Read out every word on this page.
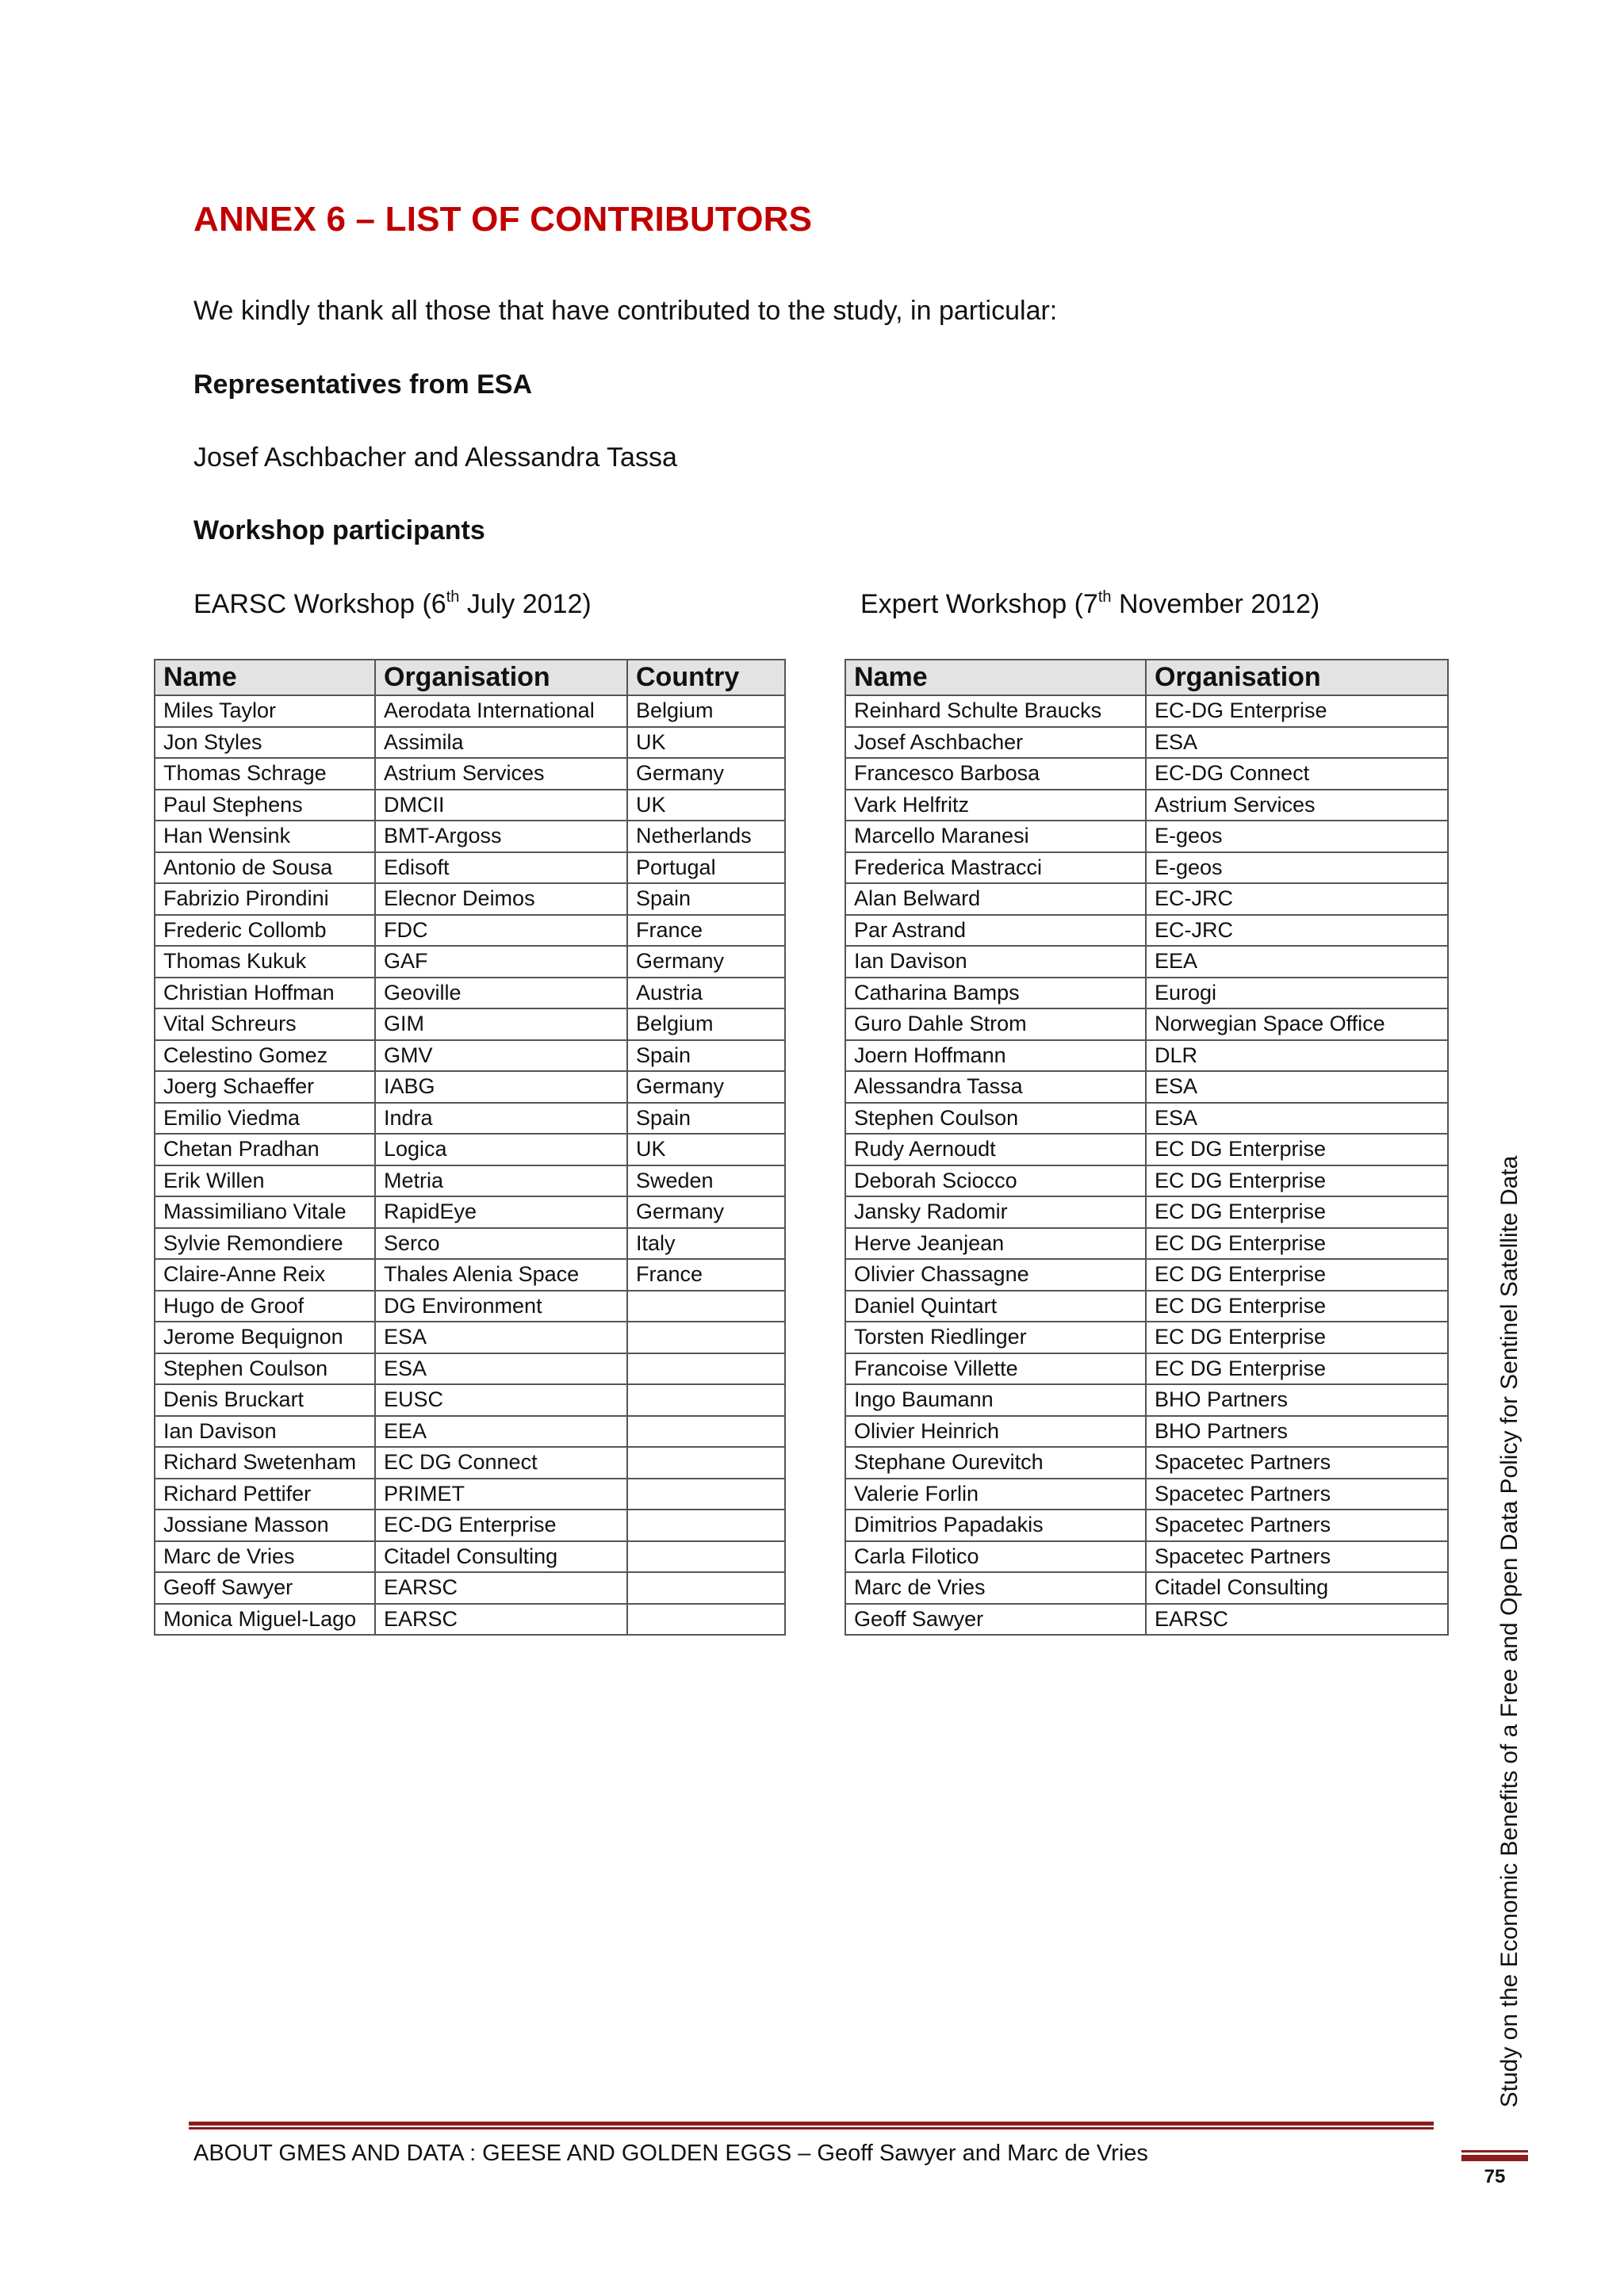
ANNEX 6 – LIST OF CONTRIBUTORS

We kindly thank all those that have contributed to the study, in particular:

Representatives from ESA

Josef Aschbacher and Alessandra Tassa

Workshop participants

EARSC Workshop (6th July 2012)	Expert Workshop (7th November 2012)

Name	Organisation	Country
Miles Taylor	Aerodata International	Belgium
Jon Styles	Assimila	UK
Thomas Schrage	Astrium Services	Germany
Paul Stephens	DMCII	UK
Han Wensink	BMT-Argoss	Netherlands
Antonio de Sousa	Edisoft	Portugal
Fabrizio Pirondini	Elecnor Deimos	Spain
Frederic Collomb	FDC	France
Thomas Kukuk	GAF	Germany
Christian Hoffman	Geoville	Austria
Vital Schreurs	GIM	Belgium
Celestino Gomez	GMV	Spain
Joerg Schaeffer	IABG	Germany
Emilio Viedma	Indra	Spain
Chetan Pradhan	Logica	UK
Erik Willen	Metria	Sweden
Massimiliano Vitale	RapidEye	Germany
Sylvie Remondiere	Serco	Italy
Claire-Anne Reix	Thales Alenia Space	France
Hugo de Groof	DG Environment	
Jerome Bequignon	ESA	
Stephen Coulson	ESA	
Denis Bruckart	EUSC	
Ian Davison	EEA	
Richard Swetenham	EC DG Connect	
Richard Pettifer	PRIMET	
Jossiane Masson	EC-DG Enterprise	
Marc de Vries	Citadel Consulting	
Geoff Sawyer	EARSC	
Monica Miguel-Lago	EARSC	
Name	Organisation
Reinhard Schulte Braucks	EC-DG Enterprise
Josef Aschbacher	ESA
Francesco Barbosa	EC-DG Connect
Vark Helfritz	Astrium Services
Marcello Maranesi	E-geos
Frederica Mastracci	E-geos
Alan Belward	EC-JRC
Par Astrand	EC-JRC
Ian Davison	EEA
Catharina Bamps	Eurogi
Guro Dahle Strom	Norwegian Space Office
Joern Hoffmann	DLR
Alessandra Tassa	ESA
Stephen Coulson	ESA
Rudy Aernoudt	EC DG Enterprise
Deborah Sciocco	EC DG Enterprise
Jansky Radomir	EC DG Enterprise
Herve Jeanjean	EC DG Enterprise
Olivier Chassagne	EC DG Enterprise
Daniel Quintart	EC DG Enterprise
Torsten Riedlinger	EC DG Enterprise
Francoise Villette	EC DG Enterprise
Ingo Baumann	BHO Partners
Olivier Heinrich	BHO Partners
Stephane Ourevitch	Spacetec Partners
Valerie Forlin	Spacetec Partners
Dimitrios Papadakis	Spacetec Partners
Carla Filotico	Spacetec Partners
Marc de Vries	Citadel Consulting
Geoff Sawyer	EARSC
ABOUT GMES AND DATA : GEESE AND GOLDEN EGGS – Geoff Sawyer and Marc de Vries
Study on the Economic Benefits of a Free and Open Data Policy for Sentinel Satellite Data
75
